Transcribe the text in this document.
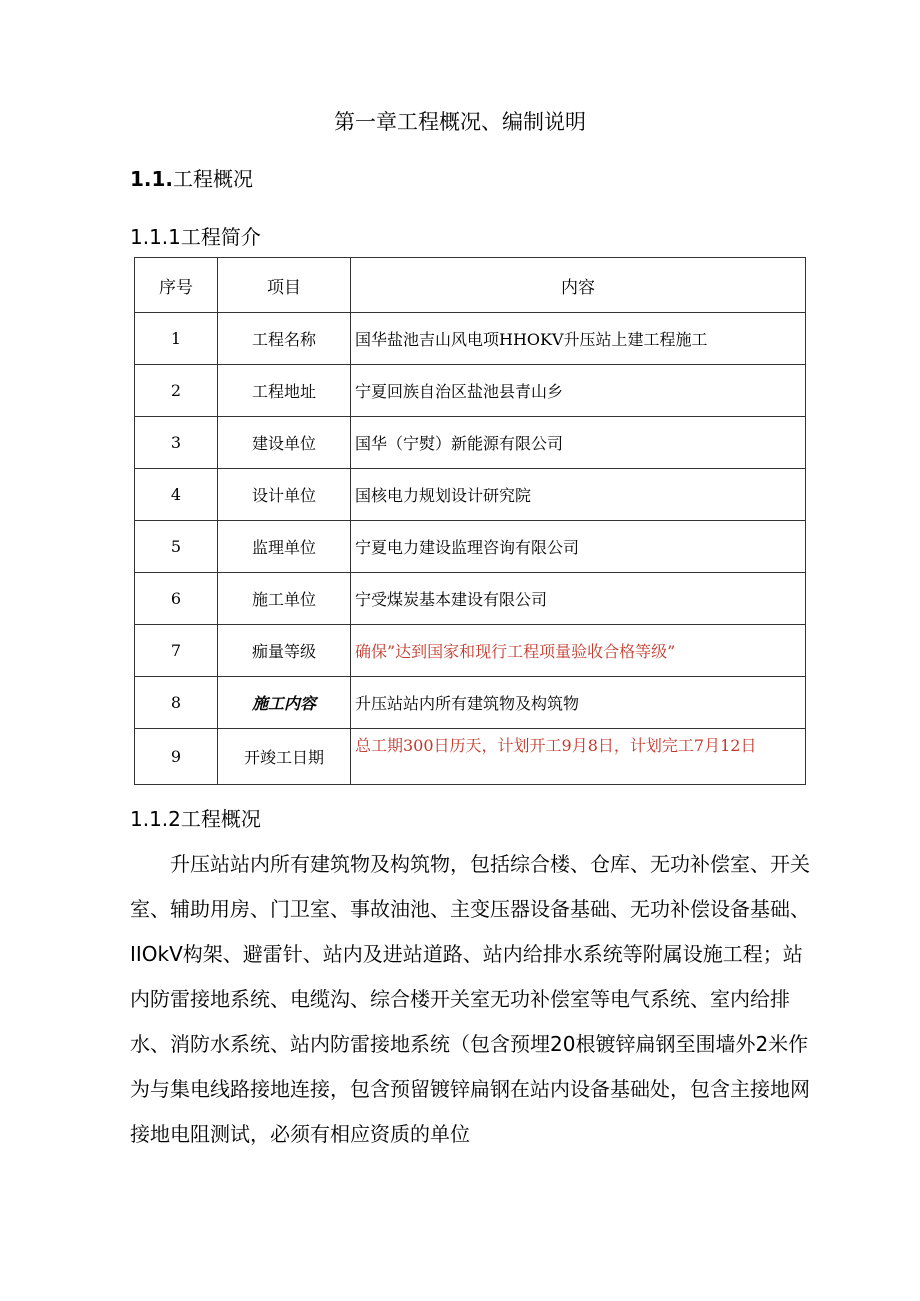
第一章工程概况、编制说明
1.1.工程概况
1.1.1工程简介
序号	项目	内容
1	工程名称	国华盐池吉山风电项HHOKV升压站上建工程施工
2	工程地址	宁夏回族自治区盐池县青山乡
3	建设单位	国华（宁熨）新能源有限公司
4	设计单位	国核电力规划设计研究院
5	监理单位	宁夏电力建设监理咨询有限公司
6	施工单位	宁受煤炭基本建设有限公司
7	痂量等级	确保”达到国家和现行工程项量验收合格等级”
8	施工内容	升压站站内所有建筑物及构筑物
9	开竣工日期	总工期300日历天，计划开工9月8日，计划完工7月12日
1.1.2工程概况

升压站站内所有建筑物及构筑物，包括综合楼、仓库、无功补偿室、开关室、辅助用房、门卫室、事故油池、主变压器设备基础、无功补偿设备基础、IIOkV构架、避雷针、站内及进站道路、站内给排水系统等附属设施工程；站内防雷接地系统、电缆沟、综合楼开关室无功补偿室等电气系统、室内给排水、消防水系统、站内防雷接地系统（包含预埋20根镀锌扁钢至围墙外2米作为与集电线路接地连接，包含预留镀锌扁钢在站内设备基础处，包含主接地网接地电阻测试，必须有相应资质的单位
